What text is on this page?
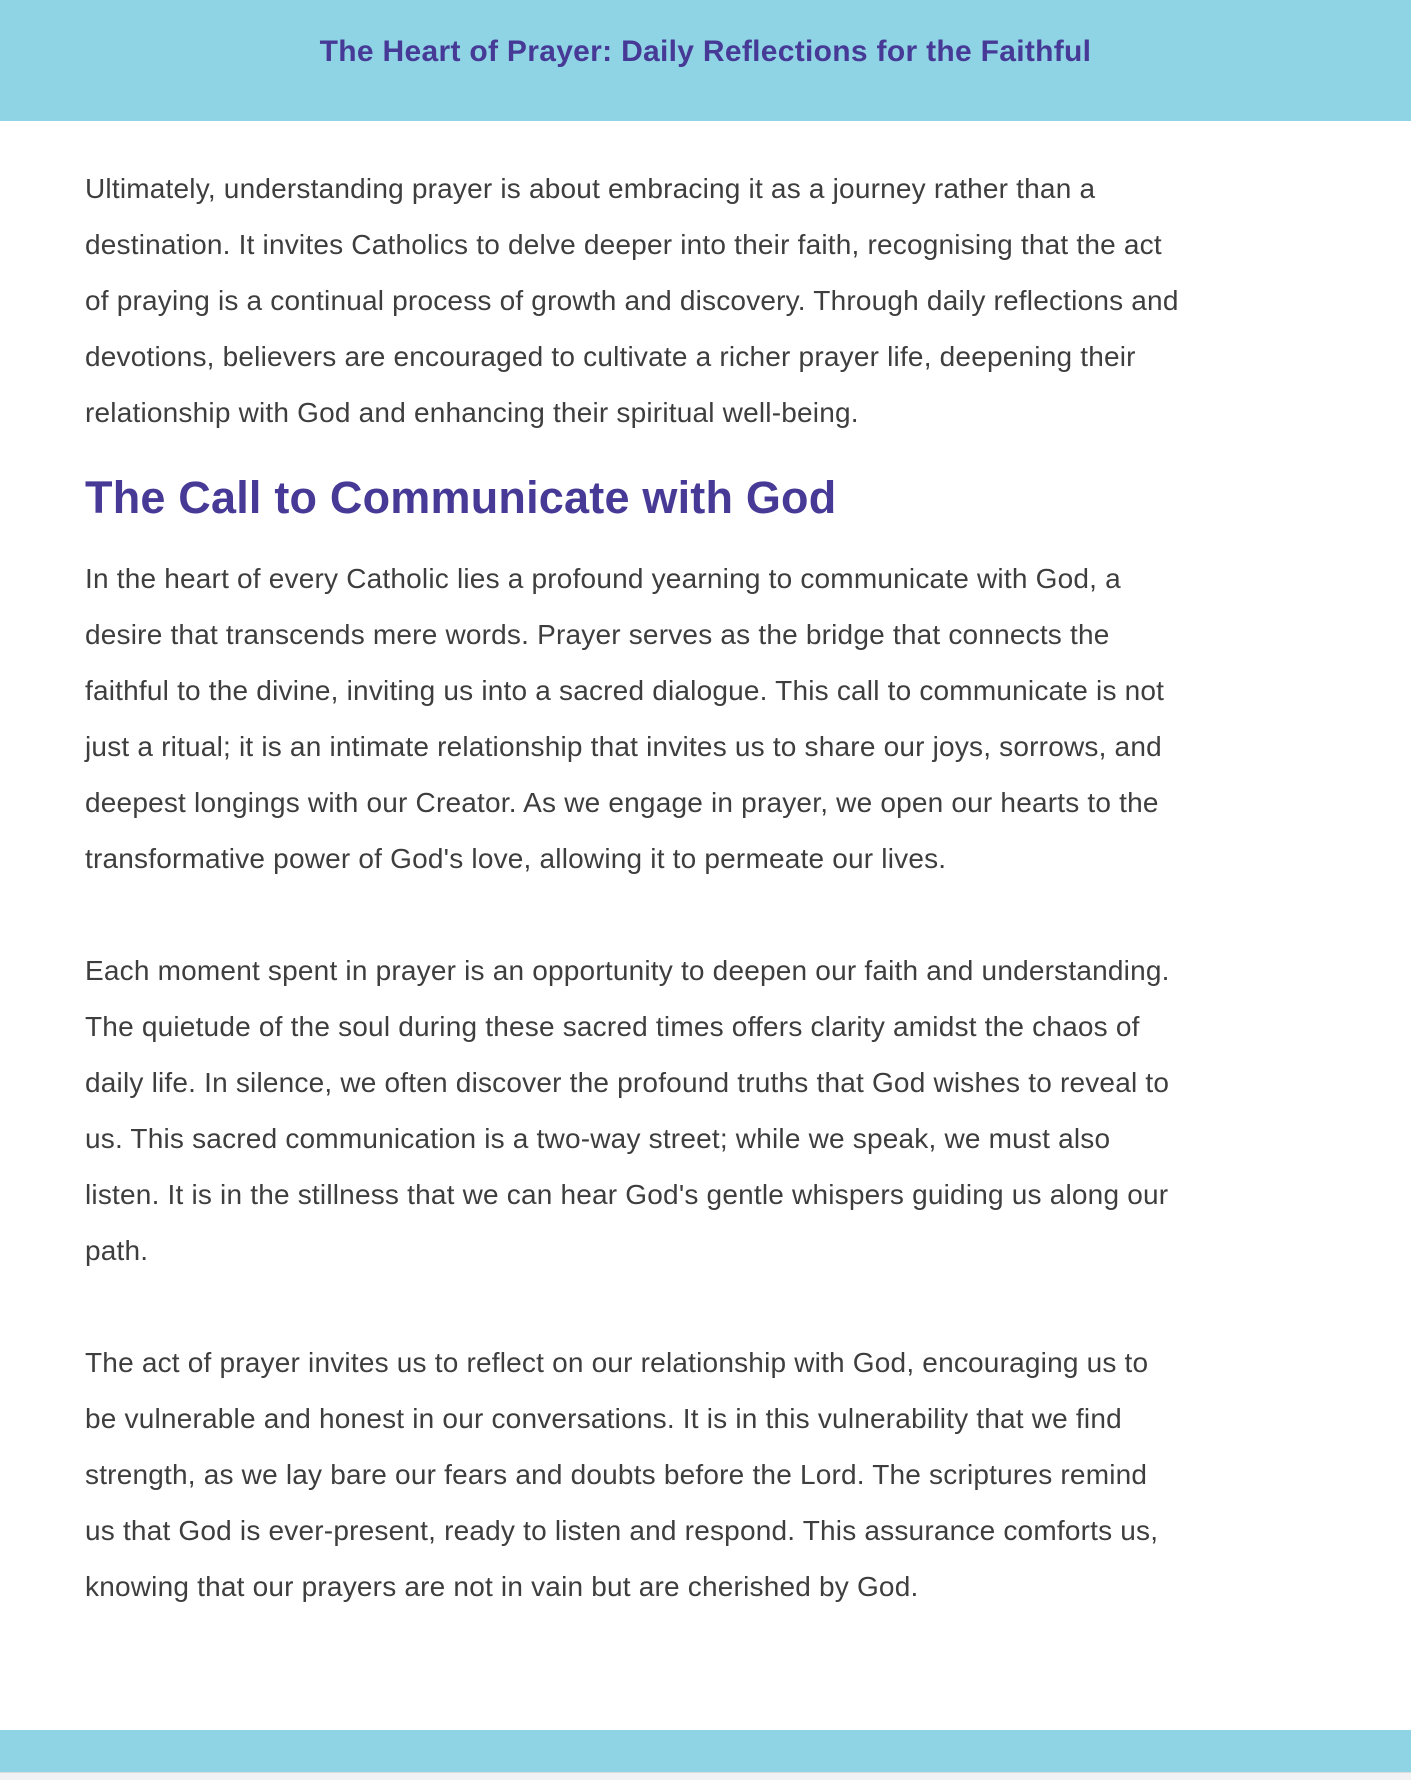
The Heart of Prayer: Daily Reflections for the Faithful

Ultimately, understanding prayer is about embracing it as a journey rather than a destination. It invites Catholics to delve deeper into their faith, recognising that the act of praying is a continual process of growth and discovery. Through daily reflections and devotions, believers are encouraged to cultivate a richer prayer life, deepening their relationship with God and enhancing their spiritual well-being.

The Call to Communicate with God

In the heart of every Catholic lies a profound yearning to communicate with God, a desire that transcends mere words. Prayer serves as the bridge that connects the faithful to the divine, inviting us into a sacred dialogue. This call to communicate is not just a ritual; it is an intimate relationship that invites us to share our joys, sorrows, and deepest longings with our Creator. As we engage in prayer, we open our hearts to the transformative power of God's love, allowing it to permeate our lives.

Each moment spent in prayer is an opportunity to deepen our faith and understanding. The quietude of the soul during these sacred times offers clarity amidst the chaos of daily life. In silence, we often discover the profound truths that God wishes to reveal to us. This sacred communication is a two-way street; while we speak, we must also listen. It is in the stillness that we can hear God's gentle whispers guiding us along our path.

The act of prayer invites us to reflect on our relationship with God, encouraging us to be vulnerable and honest in our conversations. It is in this vulnerability that we find strength, as we lay bare our fears and doubts before the Lord. The scriptures remind us that God is ever-present, ready to listen and respond. This assurance comforts us, knowing that our prayers are not in vain but are cherished by God.
